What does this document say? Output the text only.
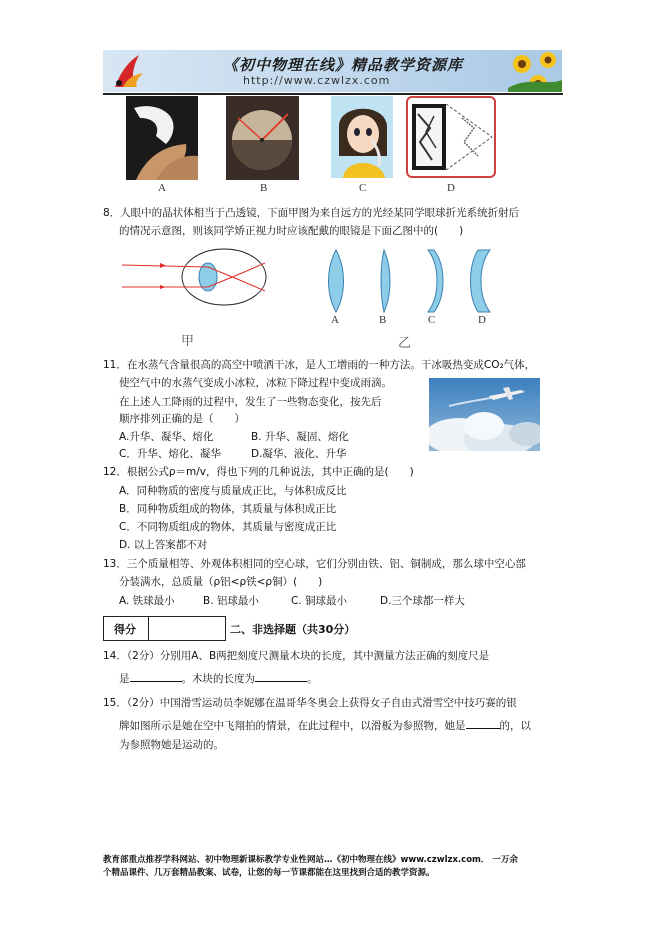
《初中物理在线》精品教学资源库
http://www.czwlzx.com
A	B	C	D
8．人眼中的晶状体相当于凸透镜，下面甲图为来自远方的光经某同学眼球折光系统折射后
的情况示意图，则该同学矫正视力时应该配戴的眼镜是下面乙图中的(　　)
A	B	C	D
甲	乙
11．在水蒸气含量很高的高空中喷洒干冰，是人工增雨的一种方法。干冰吸热变成CO₂气体，
使空气中的水蒸气变成小冰粒，冰粒下降过程中变成雨滴。
在上述人工降雨的过程中，发生了一些物态变化，按先后
顺序排列正确的是（　　）
A.升华、凝华、熔化	B. 升华、凝固、熔化
C．升华、熔化、凝华	D.凝华、液化、升华
12．根据公式ρ＝m/v，得也下列的几种说法，其中正确的是(　　)
A．同种物质的密度与质量成正比，与体积成反比
B．同种物质组成的物体，其质量与体积成正比
C．不同物质组成的物体，其质量与密度成正比
D. 以上答案都不对
13．三个质量相等、外观体积相同的空心球，它们分别由铁、铝、铜制成，那么球中空心部
分装满水，总质量（ρ铝<ρ铁<ρ铜）(　　)
A. 铁球最小	B. 铝球最小	C. 铜球最小	D.三个球都一样大
得分	二、非选择题（共30分）
14．（2分）分别用A、B两把刻度尺测量木块的长度，其中测量方法正确的刻度尺是
是	。木块的长度为	。
15．（2分）中国滑雪运动员李妮娜在温哥华冬奥会上获得女子自由式滑雪空中技巧赛的银
牌如图所示是她在空中飞翔拍的情景，在此过程中，以滑板为参照物，她是	的，以
为参照物她是运动的。
教育部重点推荐学科网站、初中物理新课标教学专业性网站…《初中物理在线》www.czwlzx.com． 一万余
个精品课件、几万套精品教案、试卷，让您的每一节课都能在这里找到合适的教学资源。
